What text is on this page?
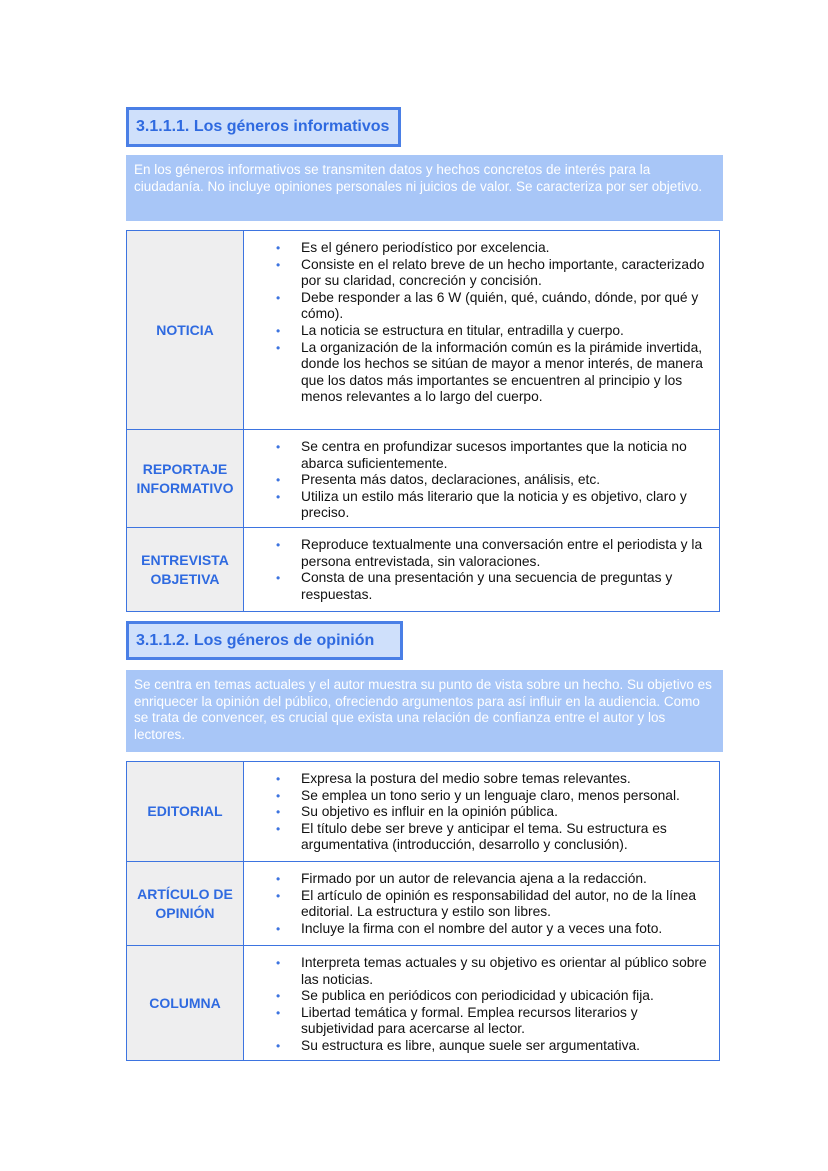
3.1.1.1. Los géneros informativos
En los géneros informativos se transmiten datos y hechos concretos de interés para la ciudadanía. No incluye opiniones personales ni juicios de valor. Se caracteriza por ser objetivo.
NOTICIA
• Es el género periodístico por excelencia.
• Consiste en el relato breve de un hecho importante, caracterizado por su claridad, concreción y concisión.
• Debe responder a las 6 W (quién, qué, cuándo, dónde, por qué y cómo).
• La noticia se estructura en titular, entradilla y cuerpo.
• La organización de la información común es la pirámide invertida, donde los hechos se sitúan de mayor a menor interés, de manera que los datos más importantes se encuentren al principio y los menos relevantes a lo largo del cuerpo.
REPORTAJE
INFORMATIVO
• Se centra en profundizar sucesos importantes que la noticia no abarca suficientemente.
• Presenta más datos, declaraciones, análisis, etc.
• Utiliza un estilo más literario que la noticia y es objetivo, claro y preciso.
ENTREVISTA
OBJETIVA
• Reproduce textualmente una conversación entre el periodista y la persona entrevistada, sin valoraciones.
• Consta de una presentación y una secuencia de preguntas y respuestas.
3.1.1.2. Los géneros de opinión
Se centra en temas actuales y el autor muestra su punto de vista sobre un hecho. Su objetivo es enriquecer la opinión del público, ofreciendo argumentos para así influir en la audiencia. Como se trata de convencer, es crucial que exista una relación de confianza entre el autor y los lectores.
EDITORIAL
• Expresa la postura del medio sobre temas relevantes.
• Se emplea un tono serio y un lenguaje claro, menos personal.
• Su objetivo es influir en la opinión pública.
• El título debe ser breve y anticipar el tema. Su estructura es argumentativa (introducción, desarrollo y conclusión).
ARTÍCULO DE
OPINIÓN
• Firmado por un autor de relevancia ajena a la redacción.
• El artículo de opinión es responsabilidad del autor, no de la línea editorial. La estructura y estilo son libres.
• Incluye la firma con el nombre del autor y a veces una foto.
COLUMNA
• Interpreta temas actuales y su objetivo es orientar al público sobre las noticias.
• Se publica en periódicos con periodicidad y ubicación fija.
• Libertad temática y formal. Emplea recursos literarios y subjetividad para acercarse al lector.
• Su estructura es libre, aunque suele ser argumentativa.
